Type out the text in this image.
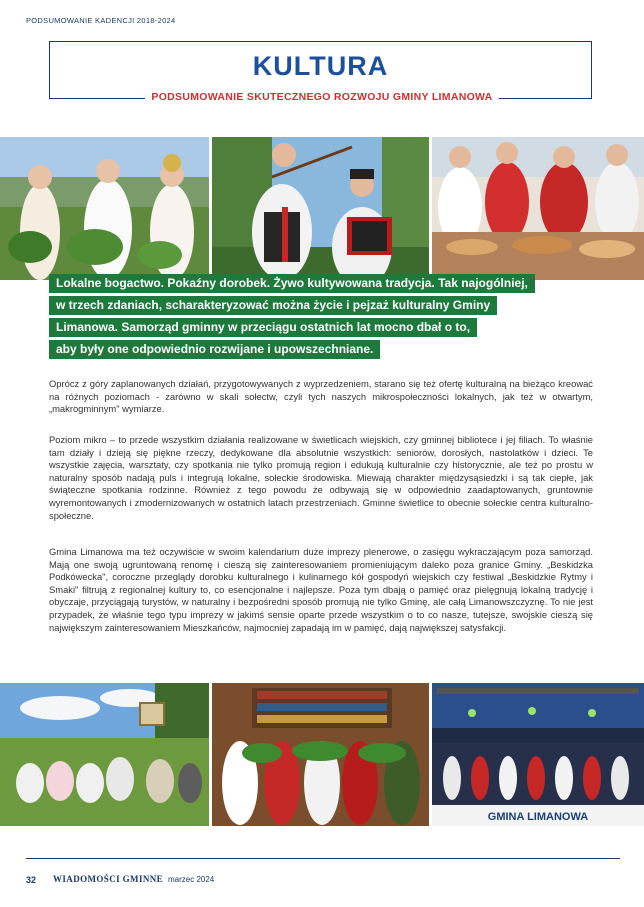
PODSUMOWANIE KADENCJI 2018-2024
KULTURA
PODSUMOWANIE SKUTECZNEGO ROZWOJU GMINY LIMANOWA
Lokalne bogactwo. Pokaźny dorobek. Żywo kultywowana tradycja. Tak najogólniej,
w trzech zdaniach, scharakteryzować można życie i pejzaż kulturalny Gminy
Limanowa. Samorząd gminny w przeciągu ostatnich lat mocno dbał o to,
aby były one odpowiednio rozwijane i upowszechniane.

Oprócz z góry zaplanowanych działań, przygotowywanych z wyprzedzeniem, starano się też ofertę kulturalną na bieżąco kreować na różnych poziomach - zarówno w skali sołectw, czyli tych naszych mikrospołeczności lokalnych, jak też w otwartym, „makrogminnym" wymiarze.

Poziom mikro – to przede wszystkim działania realizowane w świetlicach wiejskich, czy gminnej bibliotece i jej filiach. To właśnie tam działy i dzieją się piękne rzeczy, dedykowane dla absolutnie wszystkich: seniorów, dorosłych, nastolatków i dzieci. Te wszystkie zajęcia, warsztaty, czy spotkania nie tylko promują region i edukują kulturalnie czy historycznie, ale też po prostu w naturalny sposób nadają puls i integrują lokalne, sołeckie środowiska. Miewają charakter międzysąsiedzki i są tak ciepłe, jak świąteczne spotkania rodzinne. Również z tego powodu że odbywają się w odpowiednio zaadaptowanych, gruntownie wyremontowanych i zmodernizowanych w ostatnich latach przestrzeniach. Gminne świetlice to obecnie sołeckie centra kulturalno-społeczne.

Gmina Limanowa ma też oczywiście w swoim kalendarium duże imprezy plenerowe, o zasięgu wykraczającym poza samorząd. Mają one swoją ugruntowaną renomę i cieszą się zainteresowaniem promieniującym daleko poza granice Gminy. „Beskidzka Podkówecka", coroczne przeglądy dorobku kulturalnego i kulinarnego kół gospodyń wiejskich czy festiwal „Beskidzkie Rytmy i Smaki" filtrują z regionalnej kultury to, co esencjonalne i najlepsze. Poza tym dbają o pamięć oraz pielęgnują lokalną tradycję i obyczaje, przyciągają turystów, w naturalny i bezpośredni sposób promują nie tylko Gminę, ale całą Limanowszczyznę. To nie jest przypadek, że właśnie tego typu imprezy w jakimś sensie oparte przede wszystkim o to co nasze, tutejsze, swojskie cieszą się największym zainteresowaniem Mieszkańców, najmocniej zapadają im w pamięć, dają największej satysfakcji.

GMINA LIMANOWA
32 WIADOMOŚCI GMINNE marzec 2024
